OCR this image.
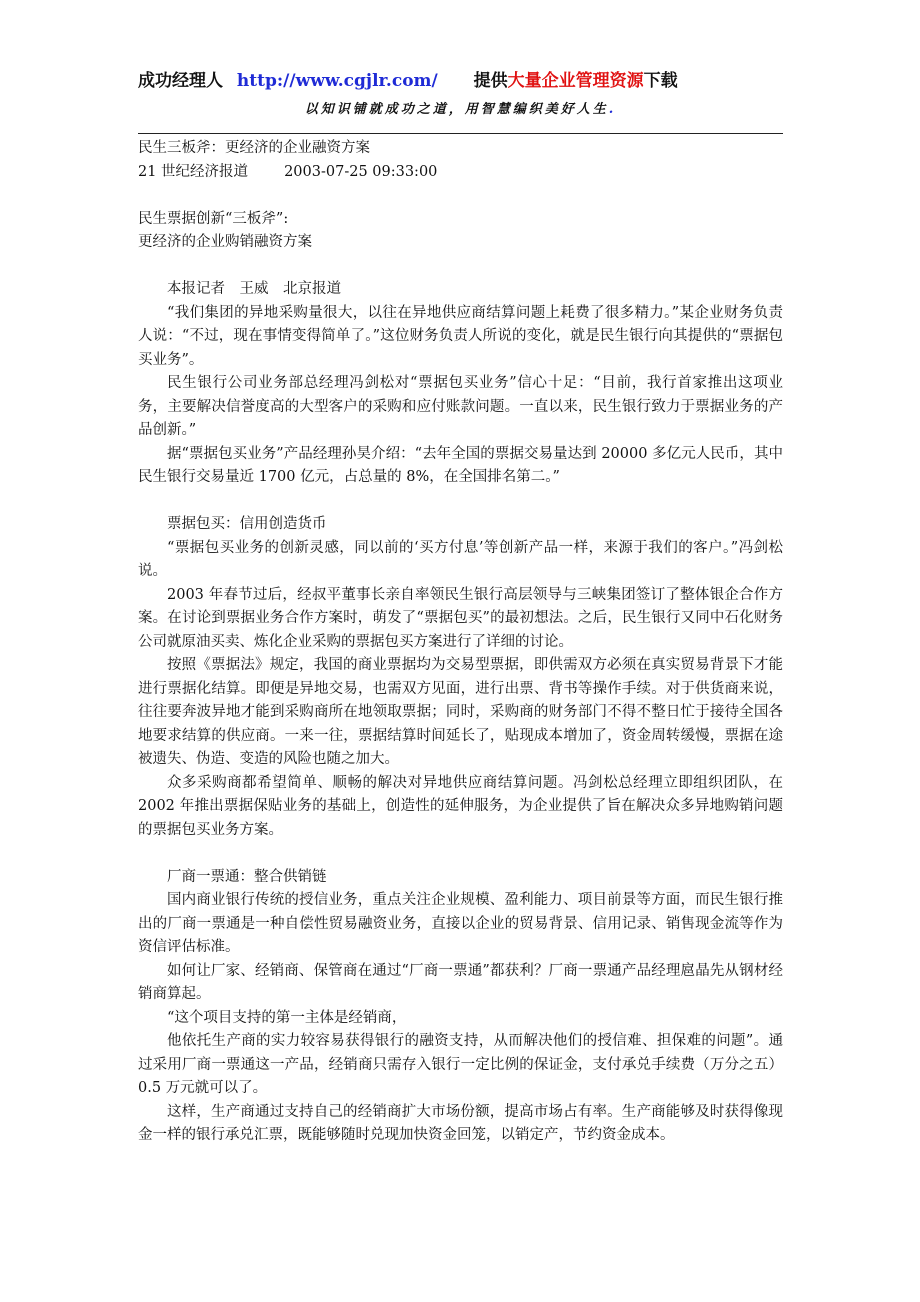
成功经理人 http://www.cgjlr.com/ 提供大量企业管理资源下载
以知识铺就成功之道，用智慧编织美好人生.
民生三板斧：更经济的企业融资方案
21 世纪经济报道 2003-07-25 09:33:00
民生票据创新“三板斧”:
更经济的企业购销融资方案

本报记者　王威　北京报道

“我们集团的异地采购量很大，以往在异地供应商结算问题上耗费了很多精力。”某企业财务负责人说：“不过，现在事情变得简单了。”这位财务负责人所说的变化，就是民生银行向其提供的“票据包买业务”。

民生银行公司业务部总经理冯剑松对“票据包买业务”信心十足：“目前，我行首家推出这项业务，主要解决信誉度高的大型客户的采购和应付账款问题。一直以来，民生银行致力于票据业务的产品创新。”

据“票据包买业务”产品经理孙昊介绍：“去年全国的票据交易量达到 20000 多亿元人民币，其中民生银行交易量近 1700 亿元，占总量的 8%，在全国排名第二。”

票据包买：信用创造货币

“票据包买业务的创新灵感，同以前的‘买方付息’等创新产品一样，来源于我们的客户。”冯剑松说。

2003 年春节过后，经叔平董事长亲自率领民生银行高层领导与三峡集团签订了整体银企合作方案。在讨论到票据业务合作方案时，萌发了“票据包买”的最初想法。之后，民生银行又同中石化财务公司就原油买卖、炼化企业采购的票据包买方案进行了详细的讨论。

按照《票据法》规定，我国的商业票据均为交易型票据，即供需双方必须在真实贸易背景下才能进行票据化结算。即便是异地交易，也需双方见面，进行出票、背书等操作手续。对于供货商来说，往往要奔波异地才能到采购商所在地领取票据；同时，采购商的财务部门不得不整日忙于接待全国各地要求结算的供应商。一来一往，票据结算时间延长了，贴现成本增加了，资金周转缓慢，票据在途被遗失、伪造、变造的风险也随之加大。

众多采购商都希望简单、顺畅的解决对异地供应商结算问题。冯剑松总经理立即组织团队，在 2002 年推出票据保贴业务的基础上，创造性的延伸服务，为企业提供了旨在解决众多异地购销问题的票据包买业务方案。

厂商一票通：整合供销链

国内商业银行传统的授信业务，重点关注企业规模、盈利能力、项目前景等方面，而民生银行推出的厂商一票通是一种自偿性贸易融资业务，直接以企业的贸易背景、信用记录、销售现金流等作为资信评估标准。

如何让厂家、经销商、保管商在通过“厂商一票通”都获利？厂商一票通产品经理扈晶先从钢材经销商算起。

“这个项目支持的第一主体是经销商，

他依托生产商的实力较容易获得银行的融资支持，从而解决他们的授信难、担保难的问题”。通过采用厂商一票通这一产品，经销商只需存入银行一定比例的保证金，支付承兑手续费（万分之五）0.5 万元就可以了。

这样，生产商通过支持自己的经销商扩大市场份额，提高市场占有率。生产商能够及时获得像现金一样的银行承兑汇票，既能够随时兑现加快资金回笼，以销定产，节约资金成本。
